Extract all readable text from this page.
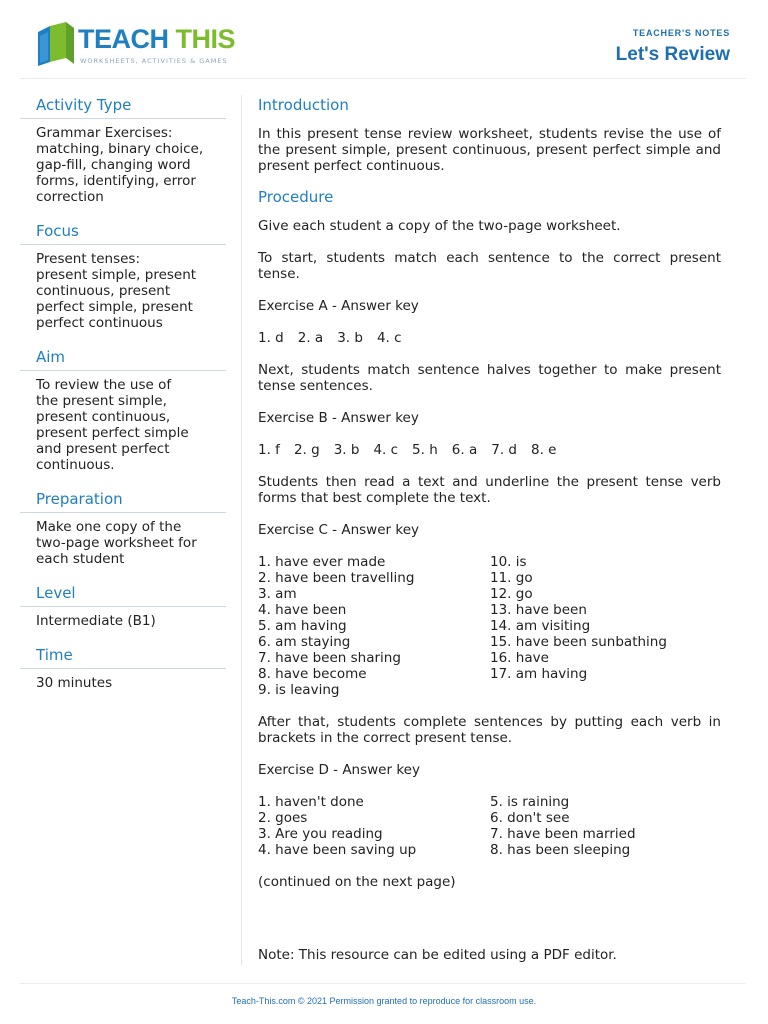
TEACH THIS
WORKSHEETS, ACTIVITIES & GAMES
TEACHER'S NOTES
Let's Review
Activity Type
Grammar Exercises:
matching, binary choice,
gap-fill, changing word
forms, identifying, error
correction
Focus
Present tenses:
present simple, present
continuous, present
perfect simple, present
perfect continuous
Aim
To review the use of
the present simple,
present continuous,
present perfect simple
and present perfect
continuous.
Preparation
Make one copy of the
two-page worksheet for
each student
Level
Intermediate (B1)
Time
30 minutes
Introduction

In this present tense review worksheet, students revise the use of the present simple, present continuous, present perfect simple and present perfect continuous.

Procedure

Give each student a copy of the two-page worksheet.

To start, students match each sentence to the correct present tense.

Exercise A - Answer key

1. d 2. a 3. b 4. c

Next, students match sentence halves together to make present tense sentences.

Exercise B - Answer key

1. f 2. g 3. b 4. c 5. h 6. a 7. d 8. e

Students then read a text and underline the present tense verb forms that best complete the text.

Exercise C - Answer key

1. have ever made
2. have been travelling
3. am
4. have been
5. am having
6. am staying
7. have been sharing
8. have become
9. is leaving
10. is
11. go
12. go
13. have been
14. am visiting
15. have been sunbathing
16. have
17. am having

After that, students complete sentences by putting each verb in brackets in the correct present tense.

Exercise D - Answer key

1. haven't done
2. goes
3. Are you reading
4. have been saving up
5. is raining
6. don't see
7. have been married
8. has been sleeping

(continued on the next page)

Note: This resource can be edited using a PDF editor.

Teach-This.com © 2021 Permission granted to reproduce for classroom use.
